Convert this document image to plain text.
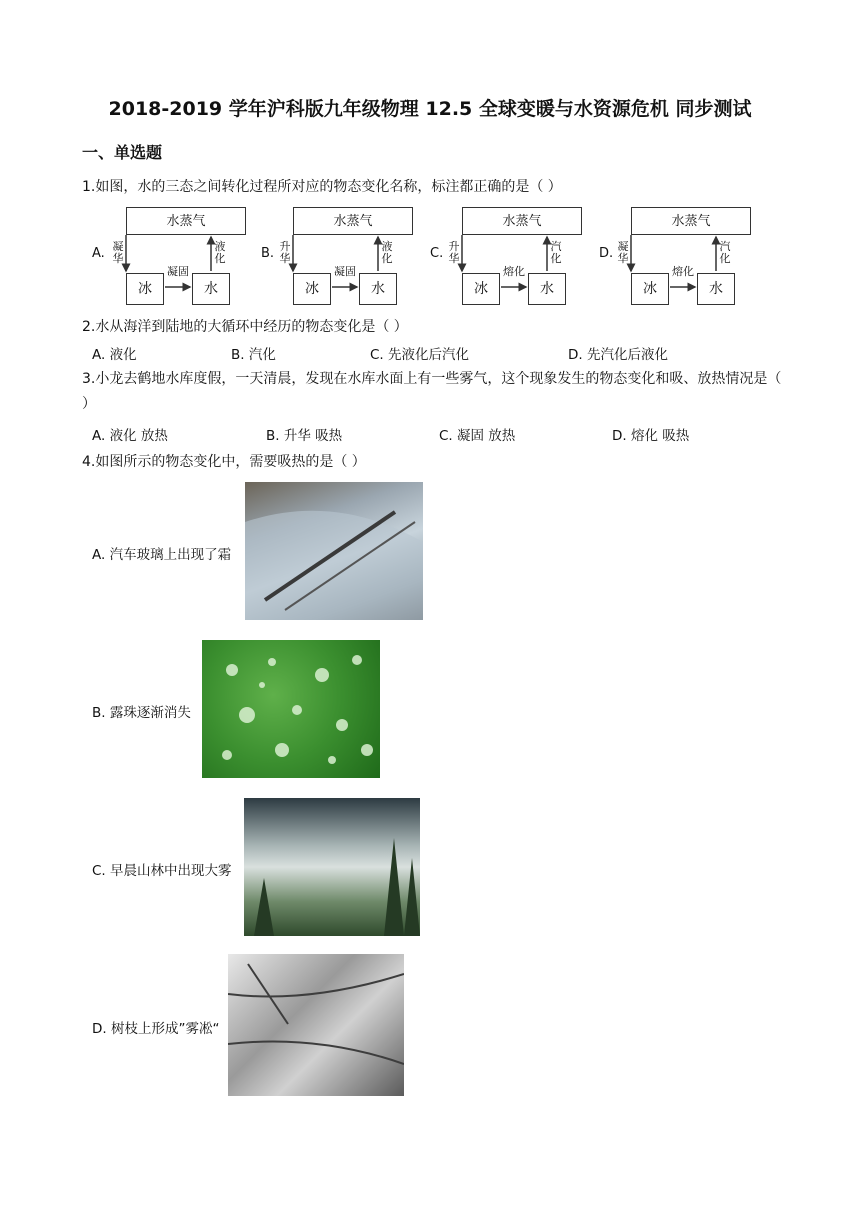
2018-2019 学年沪科版九年级物理 12.5 全球变暖与水资源危机 同步测试
一、单选题
1.如图，水的三态之间转化过程所对应的物态变化名称，标注都正确的是（ ）
A.
水蒸气
冰	水
凝华
液化
凝固
B.
水蒸气
冰	水
升华
液化
凝固
C.
水蒸气
冰	水
升华
汽化
熔化
D.
水蒸气
冰	水
凝华
汽化
熔化
2.水从海洋到陆地的大循环中经历的物态变化是（ ）
A. 液化	B. 汽化	C. 先液化后汽化	D. 先汽化后液化
3.小龙去鹤地水库度假，一天清晨，发现在水库水面上有一些雾气，这个现象发生的物态变化和吸、放热情况是（ ）
A. 液化 放热	B. 升华 吸热	C. 凝固 放热	D. 熔化 吸热
4.如图所示的物态变化中，需要吸热的是（ ）
A. 汽车玻璃上出现了霜
B. 露珠逐渐消失
C. 早晨山林中出现大雾
D. 树枝上形成”雾凇“
